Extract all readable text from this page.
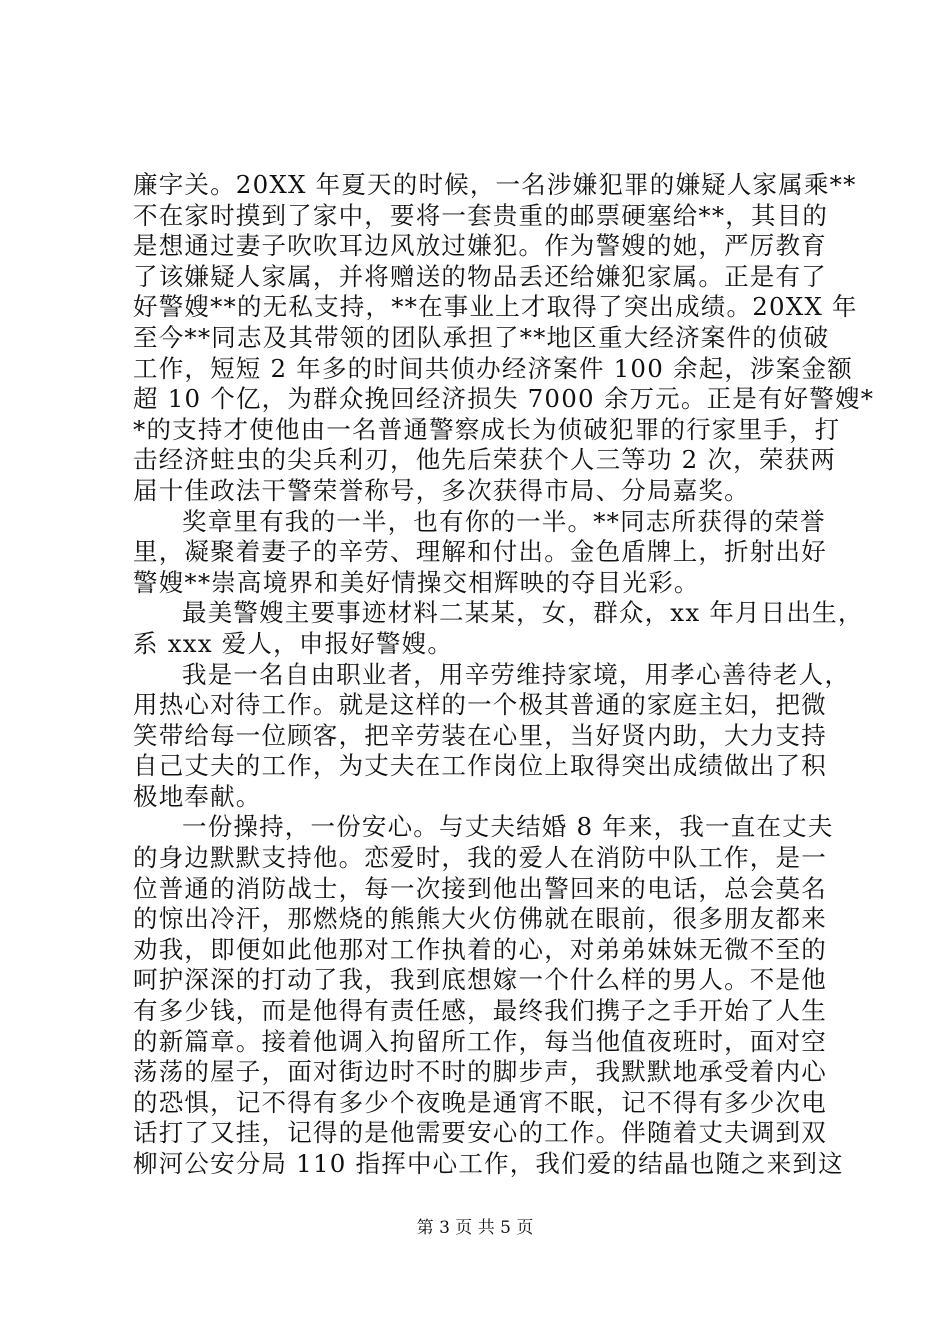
廉字关。20XX 年夏天的时候，一名涉嫌犯罪的嫌疑人家属乘**
不在家时摸到了家中，要将一套贵重的邮票硬塞给**，其目的
是想通过妻子吹吹耳边风放过嫌犯。作为警嫂的她，严厉教育
了该嫌疑人家属，并将赠送的物品丢还给嫌犯家属。正是有了
好警嫂**的无私支持，**在事业上才取得了突出成绩。20XX 年
至今**同志及其带领的团队承担了**地区重大经济案件的侦破
工作，短短 2 年多的时间共侦办经济案件 100 余起，涉案金额
超 10 个亿，为群众挽回经济损失 7000 余万元。正是有好警嫂*
*的支持才使他由一名普通警察成长为侦破犯罪的行家里手，打
击经济蛀虫的尖兵利刃，他先后荣获个人三等功 2 次，荣获两
届十佳政法干警荣誉称号，多次获得市局、分局嘉奖。
奖章里有我的一半，也有你的一半。**同志所获得的荣誉
里，凝聚着妻子的辛劳、理解和付出。金色盾牌上，折射出好
警嫂**崇高境界和美好情操交相辉映的夺目光彩。
最美警嫂主要事迹材料二某某，女，群众，xx 年月日出生，
系 xxx 爱人，申报好警嫂。
我是一名自由职业者，用辛劳维持家境，用孝心善待老人，
用热心对待工作。就是这样的一个极其普通的家庭主妇，把微
笑带给每一位顾客，把辛劳装在心里，当好贤内助，大力支持
自己丈夫的工作，为丈夫在工作岗位上取得突出成绩做出了积
极地奉献。
一份操持，一份安心。与丈夫结婚 8 年来，我一直在丈夫
的身边默默支持他。恋爱时，我的爱人在消防中队工作，是一
位普通的消防战士，每一次接到他出警回来的电话，总会莫名
的惊出冷汗，那燃烧的熊熊大火仿佛就在眼前，很多朋友都来
劝我，即便如此他那对工作执着的心，对弟弟妹妹无微不至的
呵护深深的打动了我，我到底想嫁一个什么样的男人。不是他
有多少钱，而是他得有责任感，最终我们携子之手开始了人生
的新篇章。接着他调入拘留所工作，每当他值夜班时，面对空
荡荡的屋子，面对街边时不时的脚步声，我默默地承受着内心
的恐惧，记不得有多少个夜晚是通宵不眠，记不得有多少次电
话打了又挂，记得的是他需要安心的工作。伴随着丈夫调到双
柳河公安分局 110 指挥中心工作，我们爱的结晶也随之来到这
第 3 页 共 5 页
